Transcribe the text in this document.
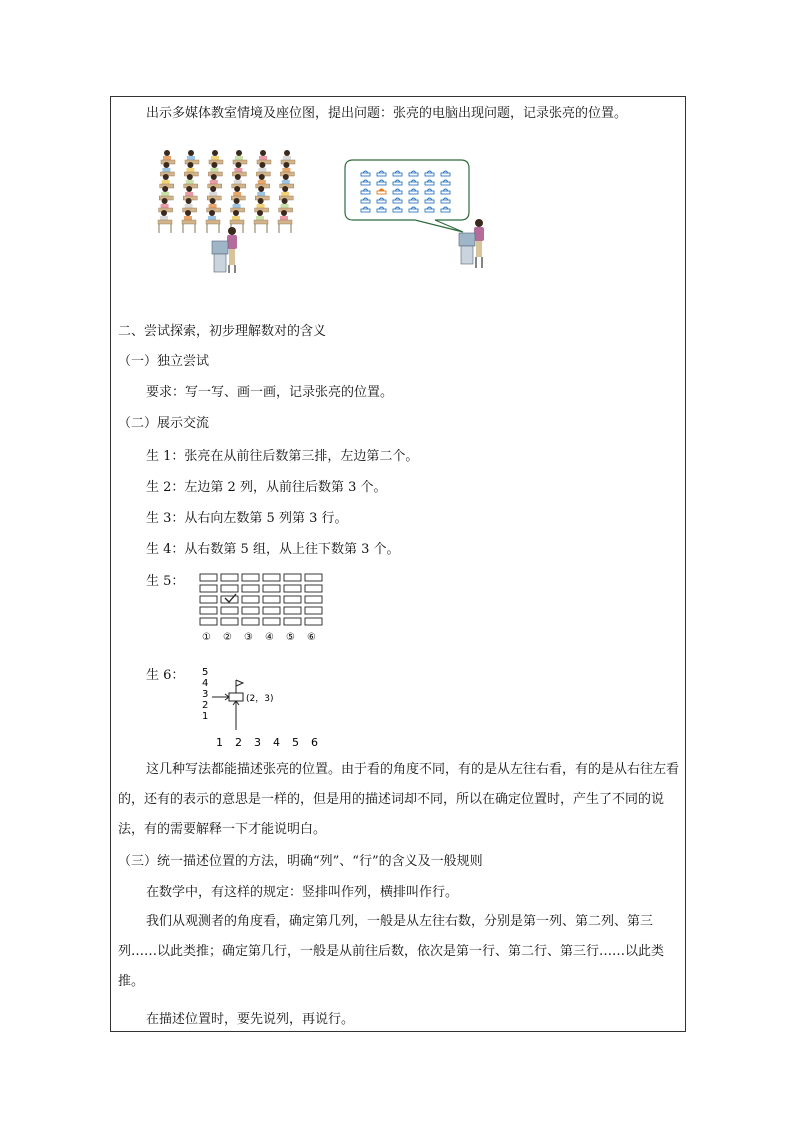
出示多媒体教室情境及座位图，提出问题：张亮的电脑出现问题，记录张亮的位置。
二、尝试探索，初步理解数对的含义
（一）独立尝试
要求：写一写、画一画，记录张亮的位置。
（二）展示交流
生 1：张亮在从前往后数第三排，左边第二个。
生 2：左边第 2 列，从前往后数第 3 个。
生 3：从右向左数第 5 列第 3 行。
生 4：从右数第 5 组，从上往下数第 3 个。
生 5：
生 6：
① ② ③ ④ ⑤ ⑥
5
4
3
2
1
1 2 3 4 5 6
(2，3)
这几种写法都能描述张亮的位置。由于看的角度不同，有的是从左往右看，有的是从右往左看的，还有的表示的意思是一样的，但是用的描述词却不同，所以在确定位置时，产生了不同的说法，有的需要解释一下才能说明白。
（三）统一描述位置的方法，明确“列”、“行”的含义及一般规则
在数学中，有这样的规定：竖排叫作列，横排叫作行。
我们从观测者的角度看，确定第几列，一般是从左往右数，分别是第一列、第二列、第三列……以此类推；确定第几行，一般是从前往后数，依次是第一行、第二行、第三行……以此类推。
在描述位置时，要先说列，再说行。
